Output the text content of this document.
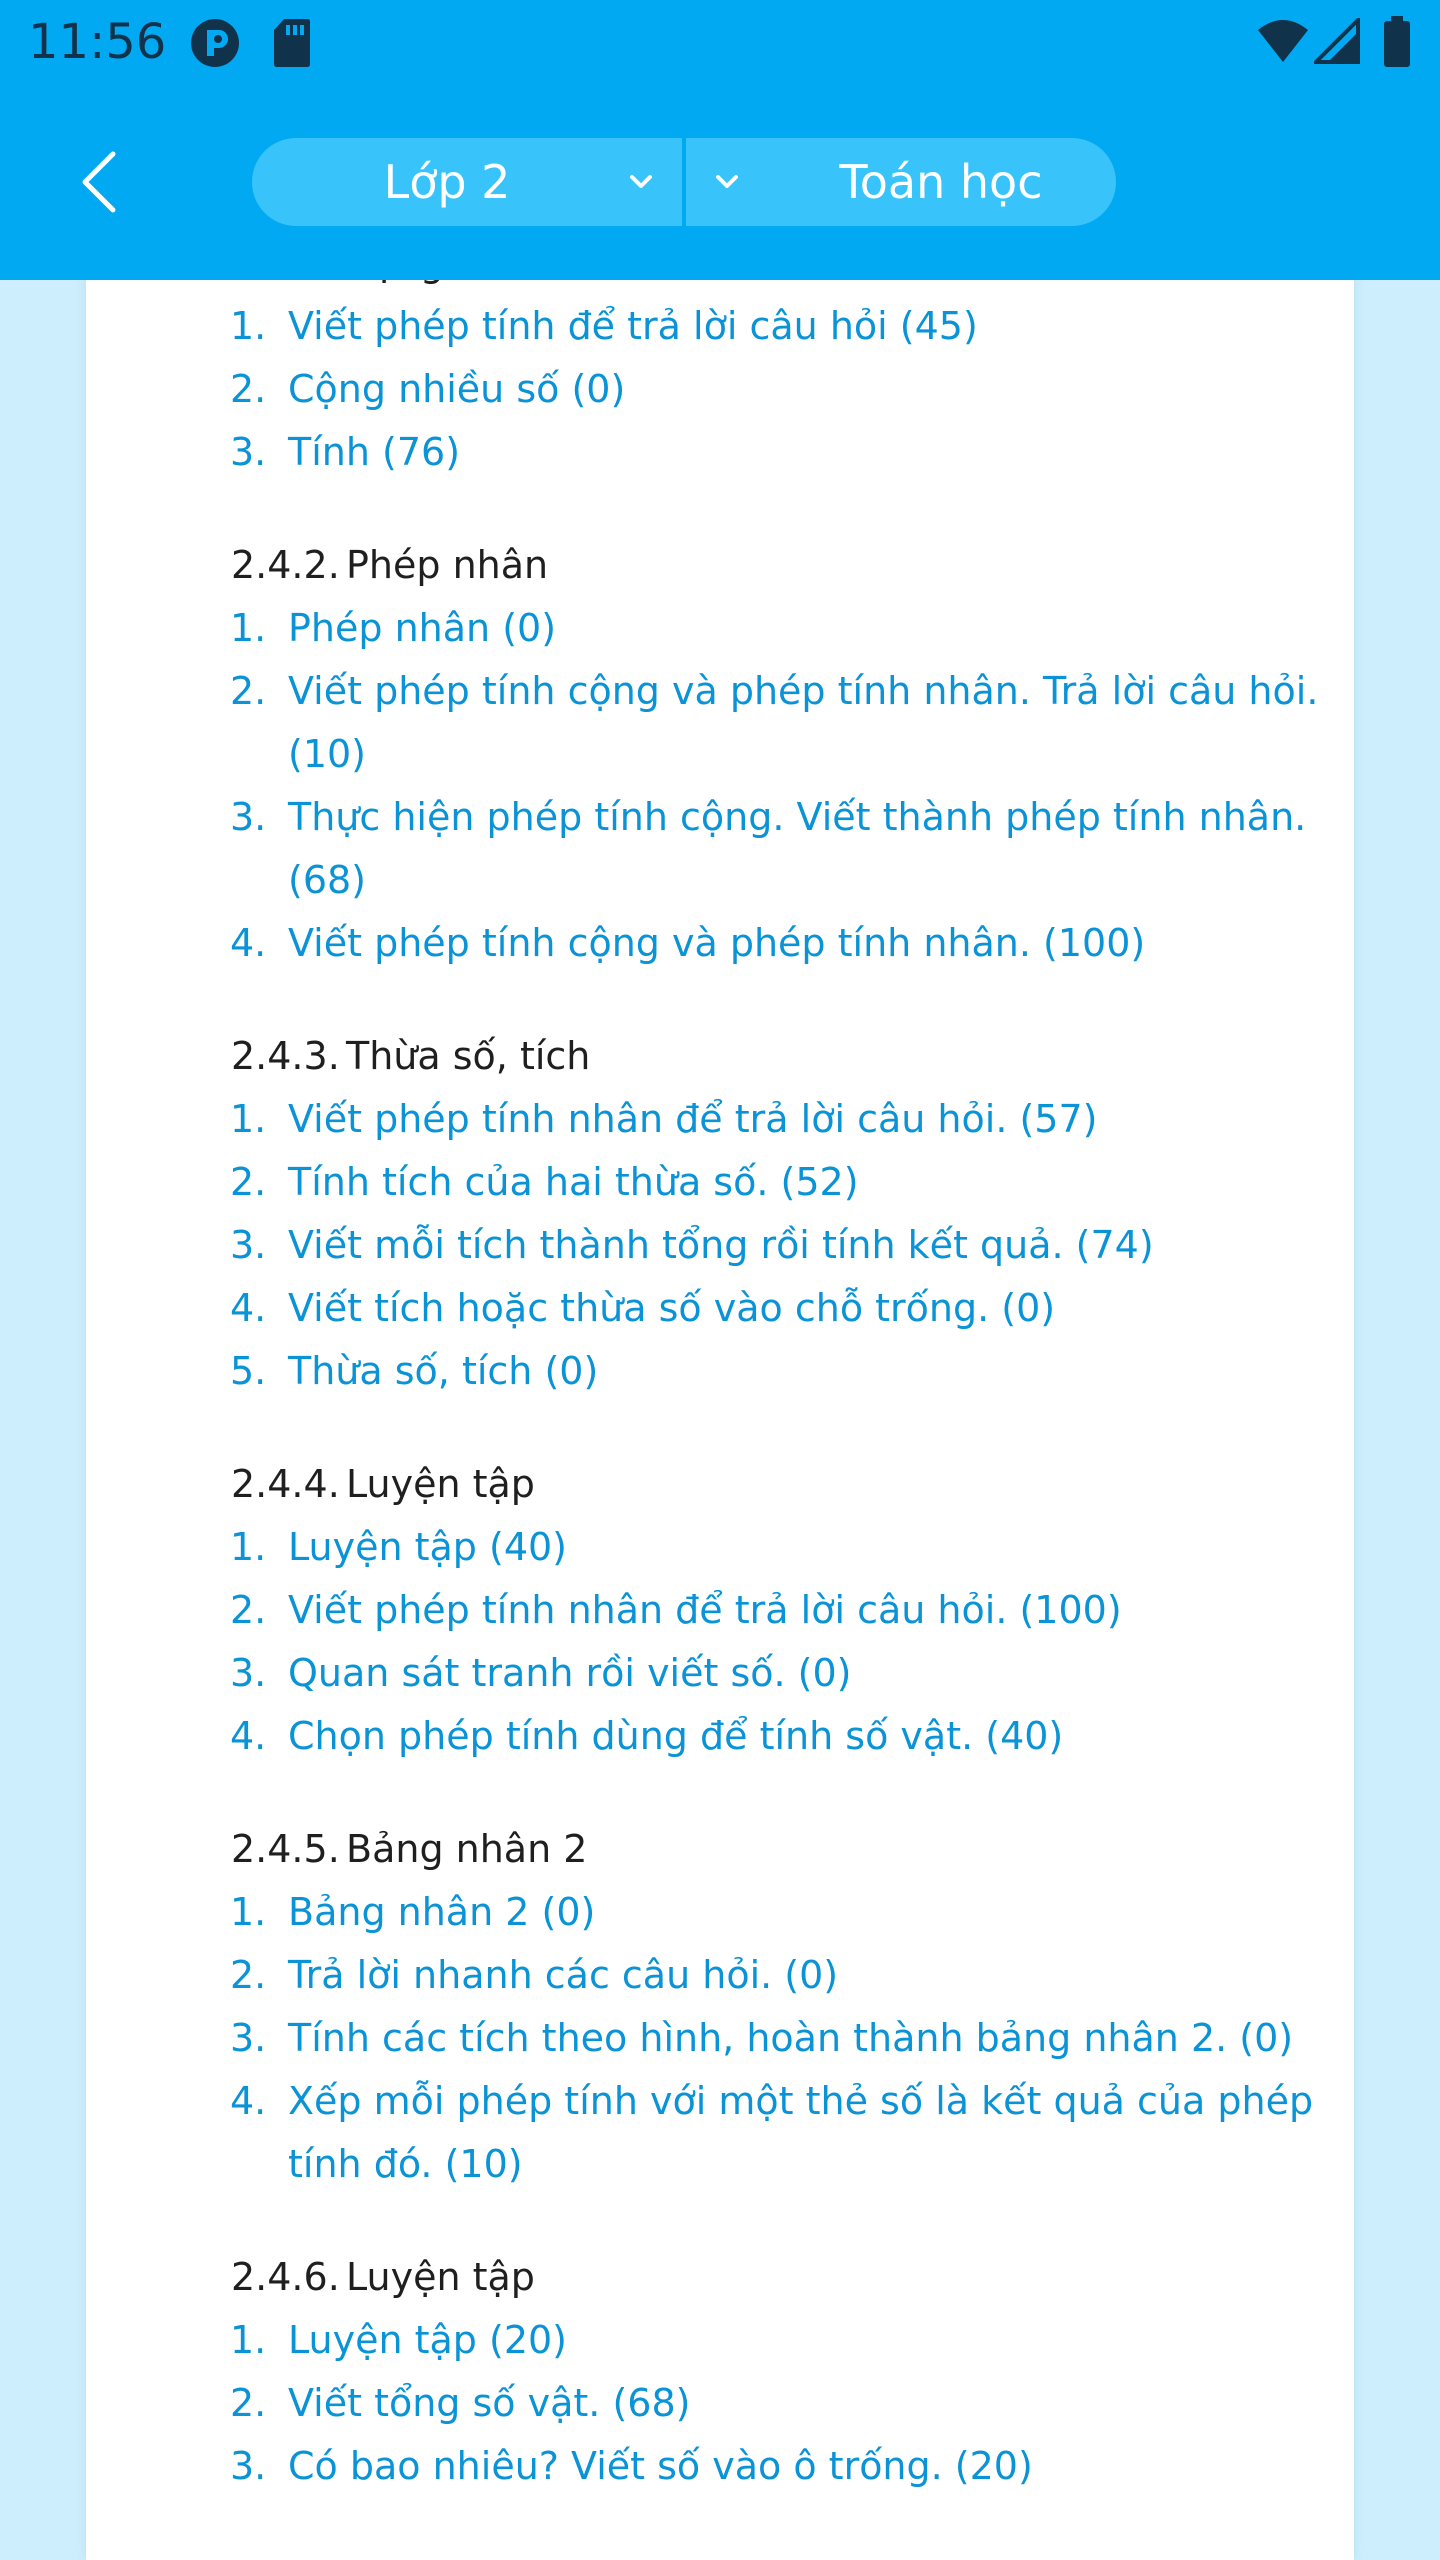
1. Viết phép tính để trả lời câu hỏi (45)
2. Cộng nhiều số (0)
3. Tính (76)
2.4.2. Phép nhân
1. Phép nhân (0)
2. Viết phép tính cộng và phép tính nhân. Trả lời câu hỏi. (10)
3. Thực hiện phép tính cộng. Viết thành phép tính nhân. (68)
4. Viết phép tính cộng và phép tính nhân. (100)
2.4.3. Thừa số, tích
1. Viết phép tính nhân để trả lời câu hỏi. (57)
2. Tính tích của hai thừa số. (52)
3. Viết mỗi tích thành tổng rồi tính kết quả. (74)
4. Viết tích hoặc thừa số vào chỗ trống. (0)
5. Thừa số, tích (0)
2.4.4. Luyện tập
1. Luyện tập (40)
2. Viết phép tính nhân để trả lời câu hỏi. (100)
3. Quan sát tranh rồi viết số. (0)
4. Chọn phép tính dùng để tính số vật. (40)
2.4.5. Bảng nhân 2
1. Bảng nhân 2 (0)
2. Trả lời nhanh các câu hỏi. (0)
3. Tính các tích theo hình, hoàn thành bảng nhân 2. (0)
4. Xếp mỗi phép tính với một thẻ số là kết quả của phép tính đó. (10)
2.4.6. Luyện tập
1. Luyện tập (20)
2. Viết tổng số vật. (68)
3. Có bao nhiêu? Viết số vào ô trống. (20)
11:56
Lớp 2	Toán học
